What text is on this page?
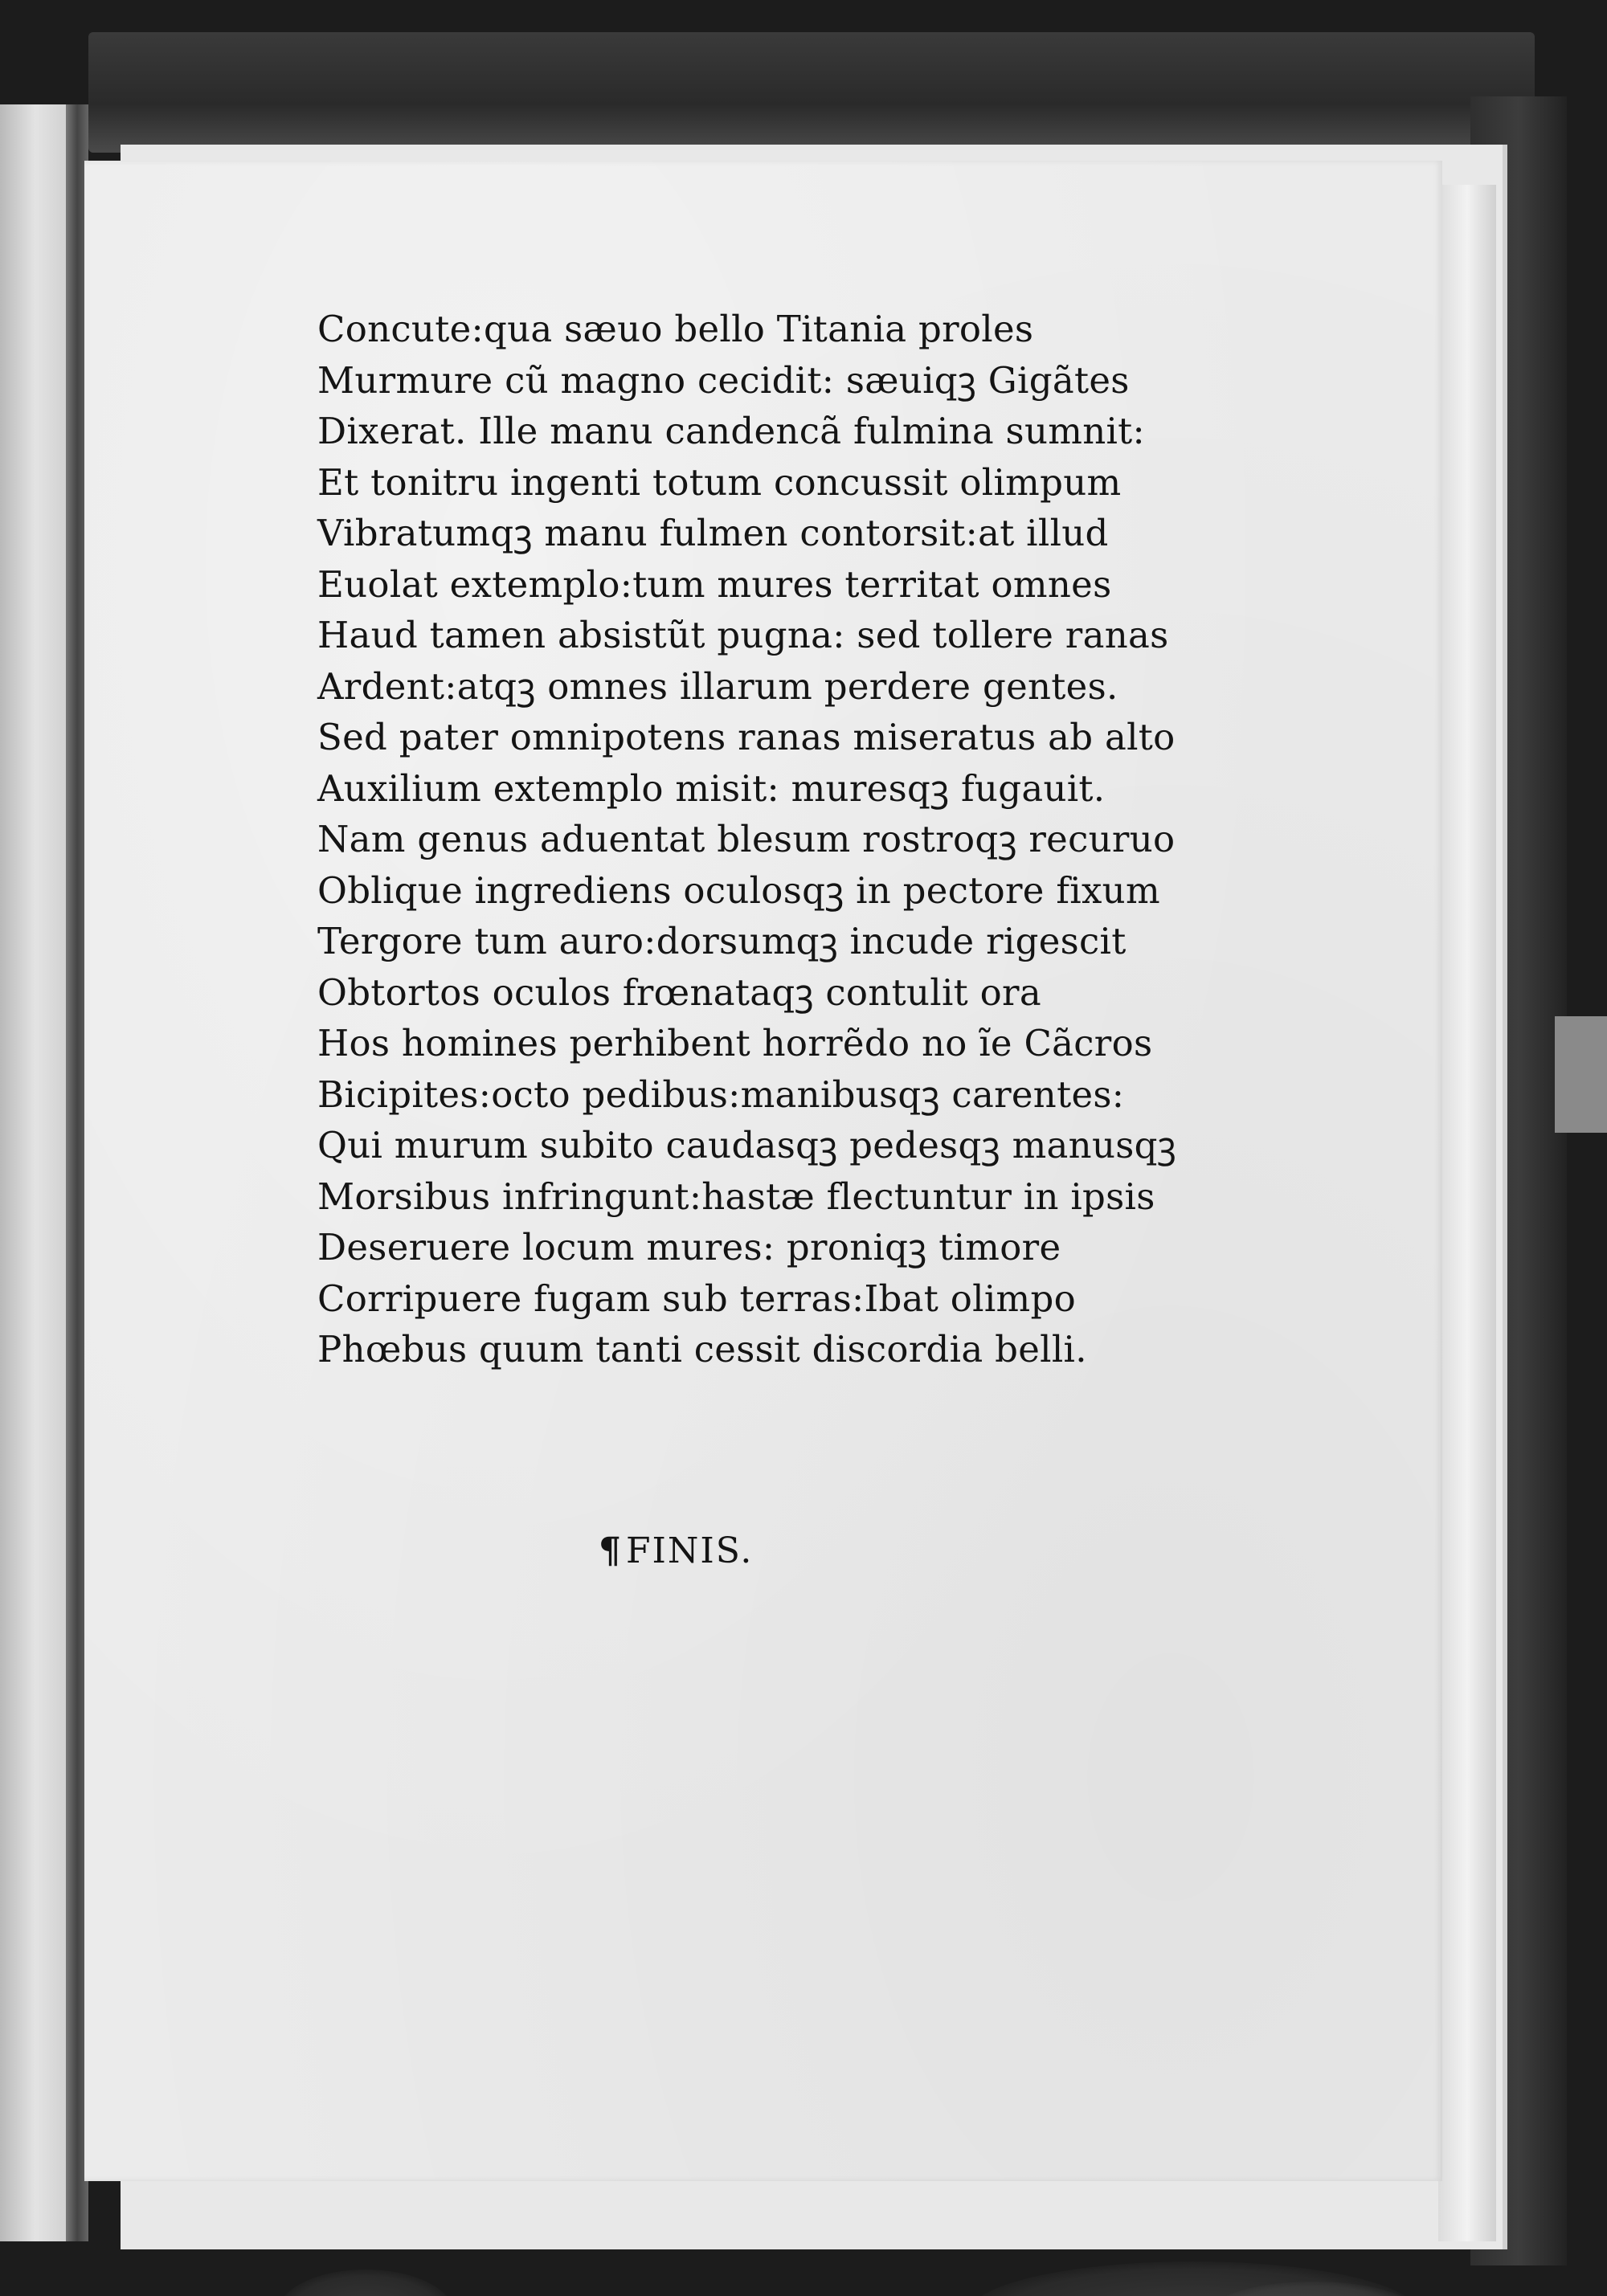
Concute:qua sæuo bello Titania proles
Murmure cũ magno cecidit: sæuiqꝫ Gigãtes
Dixerat. Ille manu candencã fulmina sumnit:
Et tonitru ingenti totum concussit olimpum
Vibratumqꝫ manu fulmen contorsit:at illud
Euolat extemplo:tum mures territat omnes
Haud tamen absistũt pugna: sed tollere ranas
Ardent:atqꝫ omnes illarum perdere gentes.
Sed pater omnipotens ranas miseratus ab alto
Auxilium extemplo misit: muresqꝫ fugauit.
Nam genus aduentat blesum rostroqꝫ recuruo
Oblique ingrediens oculosqꝫ in pectore fixum
Tergore tum auro:dorsumqꝫ incude rigescit
Obtortos oculos frœnataqꝫ contulit ora
Hos homines perhibent horrẽdo no ĩe Cãcros
Bicipites:octo pedibus:manibusqꝫ carentes:
Qui murum subito caudasqꝫ pedesqꝫ manusqꝫ
Morsibus infringunt:hastæ flectuntur in ipsis
Deseruere locum mures: proniqꝫ timore
Corripuere fugam sub terras:Ibat olimpo
Phœbus quum tanti cessit discordia belli.
¶FINIS.
